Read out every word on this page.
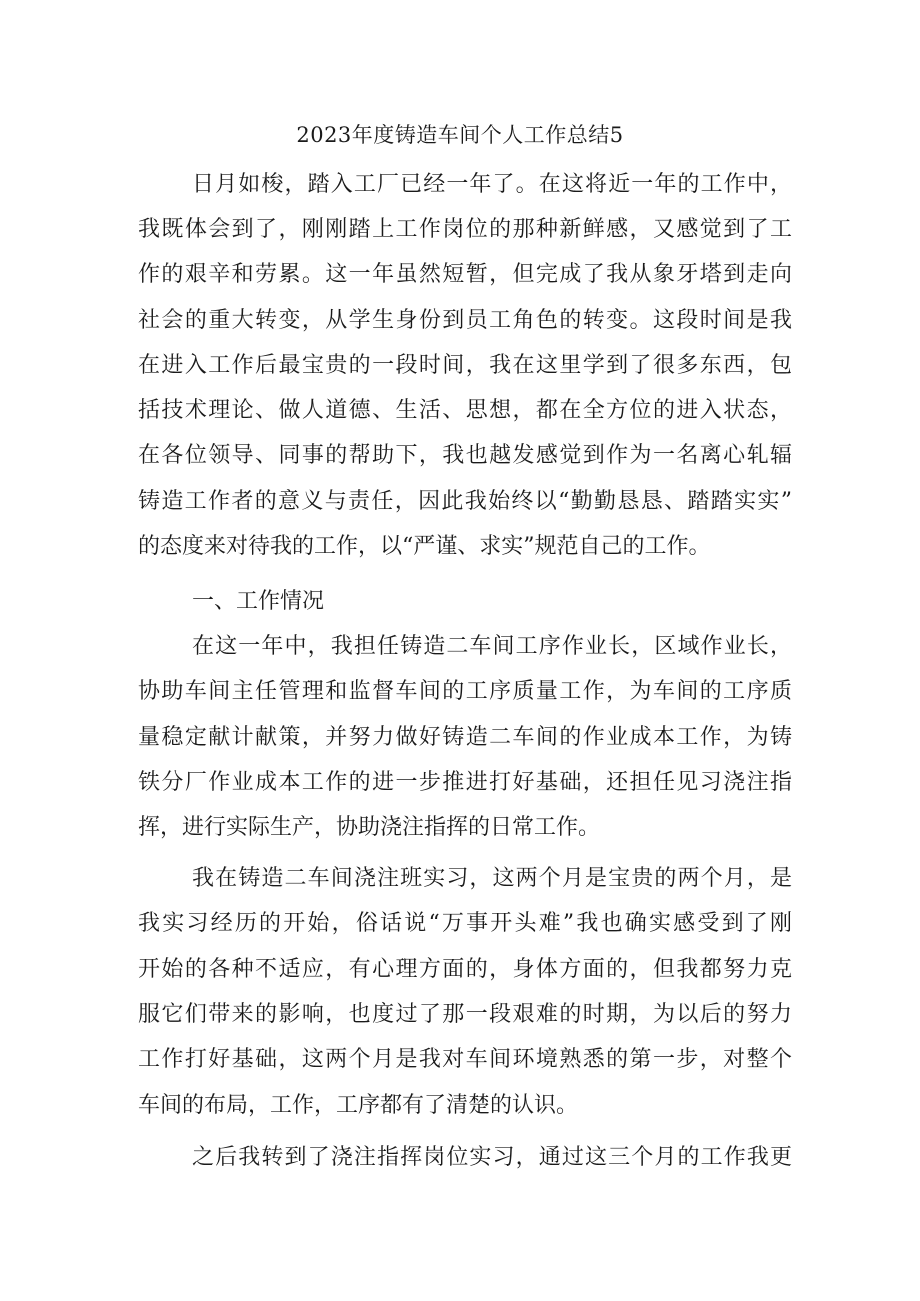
2023年度铸造车间个人工作总结5
日月如梭，踏入工厂已经一年了。在这将近一年的工作中，
我既体会到了，刚刚踏上工作岗位的那种新鲜感，又感觉到了工
作的艰辛和劳累。这一年虽然短暂，但完成了我从象牙塔到走向
社会的重大转变，从学生身份到员工角色的转变。这段时间是我
在进入工作后最宝贵的一段时间，我在这里学到了很多东西，包
括技术理论、做人道德、生活、思想，都在全方位的进入状态，
在各位领导、同事的帮助下，我也越发感觉到作为一名离心轧辐
铸造工作者的意义与责任，因此我始终以“勤勤恳恳、踏踏实实”
的态度来对待我的工作，以“严谨、求实”规范自己的工作。
一、工作情况
在这一年中，我担任铸造二车间工序作业长，区域作业长，
协助车间主任管理和监督车间的工序质量工作，为车间的工序质
量稳定献计献策，并努力做好铸造二车间的作业成本工作，为铸
铁分厂作业成本工作的进一步推进打好基础，还担任见习浇注指
挥，进行实际生产，协助浇注指挥的日常工作。
我在铸造二车间浇注班实习，这两个月是宝贵的两个月，是
我实习经历的开始，俗话说“万事开头难”我也确实感受到了刚
开始的各种不适应，有心理方面的，身体方面的，但我都努力克
服它们带来的影响，也度过了那一段艰难的时期，为以后的努力
工作打好基础，这两个月是我对车间环境熟悉的第一步，对整个
车间的布局，工作，工序都有了清楚的认识。
之后我转到了浇注指挥岗位实习，通过这三个月的工作我更
